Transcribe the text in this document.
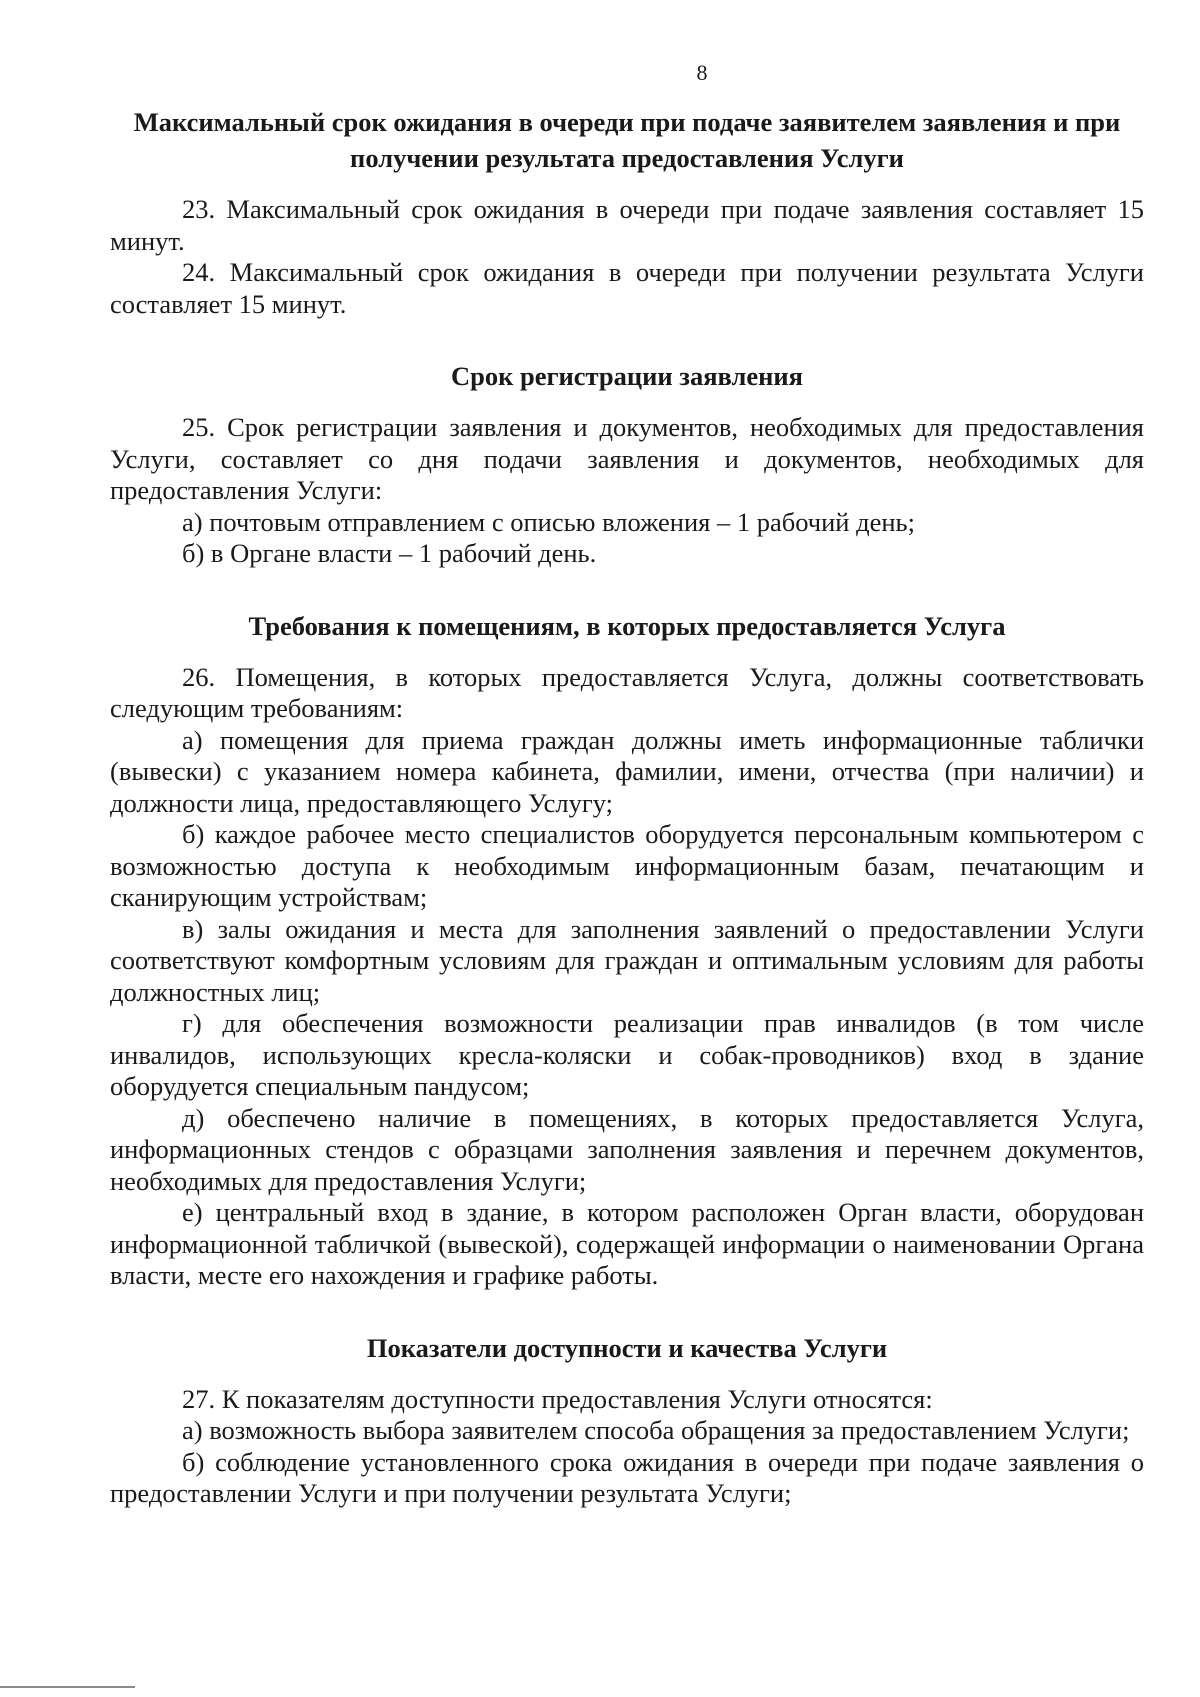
8
Максимальный срок ожидания в очереди при подаче заявителем заявления и при получении результата предоставления Услуги

23. Максимальный срок ожидания в очереди при подаче заявления составляет 15 минут.

24. Максимальный срок ожидания в очереди при получении результата Услуги составляет 15 минут.

Срок регистрации заявления

25. Срок регистрации заявления и документов, необходимых для предоставления Услуги, составляет со дня подачи заявления и документов, необходимых для предоставления Услуги:

а) почтовым отправлением с описью вложения – 1 рабочий день;

б) в Органе власти – 1 рабочий день.

Требования к помещениям, в которых предоставляется Услуга

26. Помещения, в которых предоставляется Услуга, должны соответствовать следующим требованиям:

а) помещения для приема граждан должны иметь информационные таблички (вывески) с указанием номера кабинета, фамилии, имени, отчества (при наличии) и должности лица, предоставляющего Услугу;

б) каждое рабочее место специалистов оборудуется персональным компьютером с возможностью доступа к необходимым информационным базам, печатающим и сканирующим устройствам;

в) залы ожидания и места для заполнения заявлений о предоставлении Услуги соответствуют комфортным условиям для граждан и оптимальным условиям для работы должностных лиц;

г) для обеспечения возможности реализации прав инвалидов (в том числе инвалидов, использующих кресла-коляски и собак-проводников) вход в здание оборудуется специальным пандусом;

д) обеспечено наличие в помещениях, в которых предоставляется Услуга, информационных стендов с образцами заполнения заявления и перечнем документов, необходимых для предоставления Услуги;

е) центральный вход в здание, в котором расположен Орган власти, оборудован информационной табличкой (вывеской), содержащей информации о наименовании Органа власти, месте его нахождения и графике работы.

Показатели доступности и качества Услуги

27. К показателям доступности предоставления Услуги относятся:

а) возможность выбора заявителем способа обращения за предоставлением Услуги;

б) соблюдение установленного срока ожидания в очереди при подаче заявления о предоставлении Услуги и при получении результата Услуги;
